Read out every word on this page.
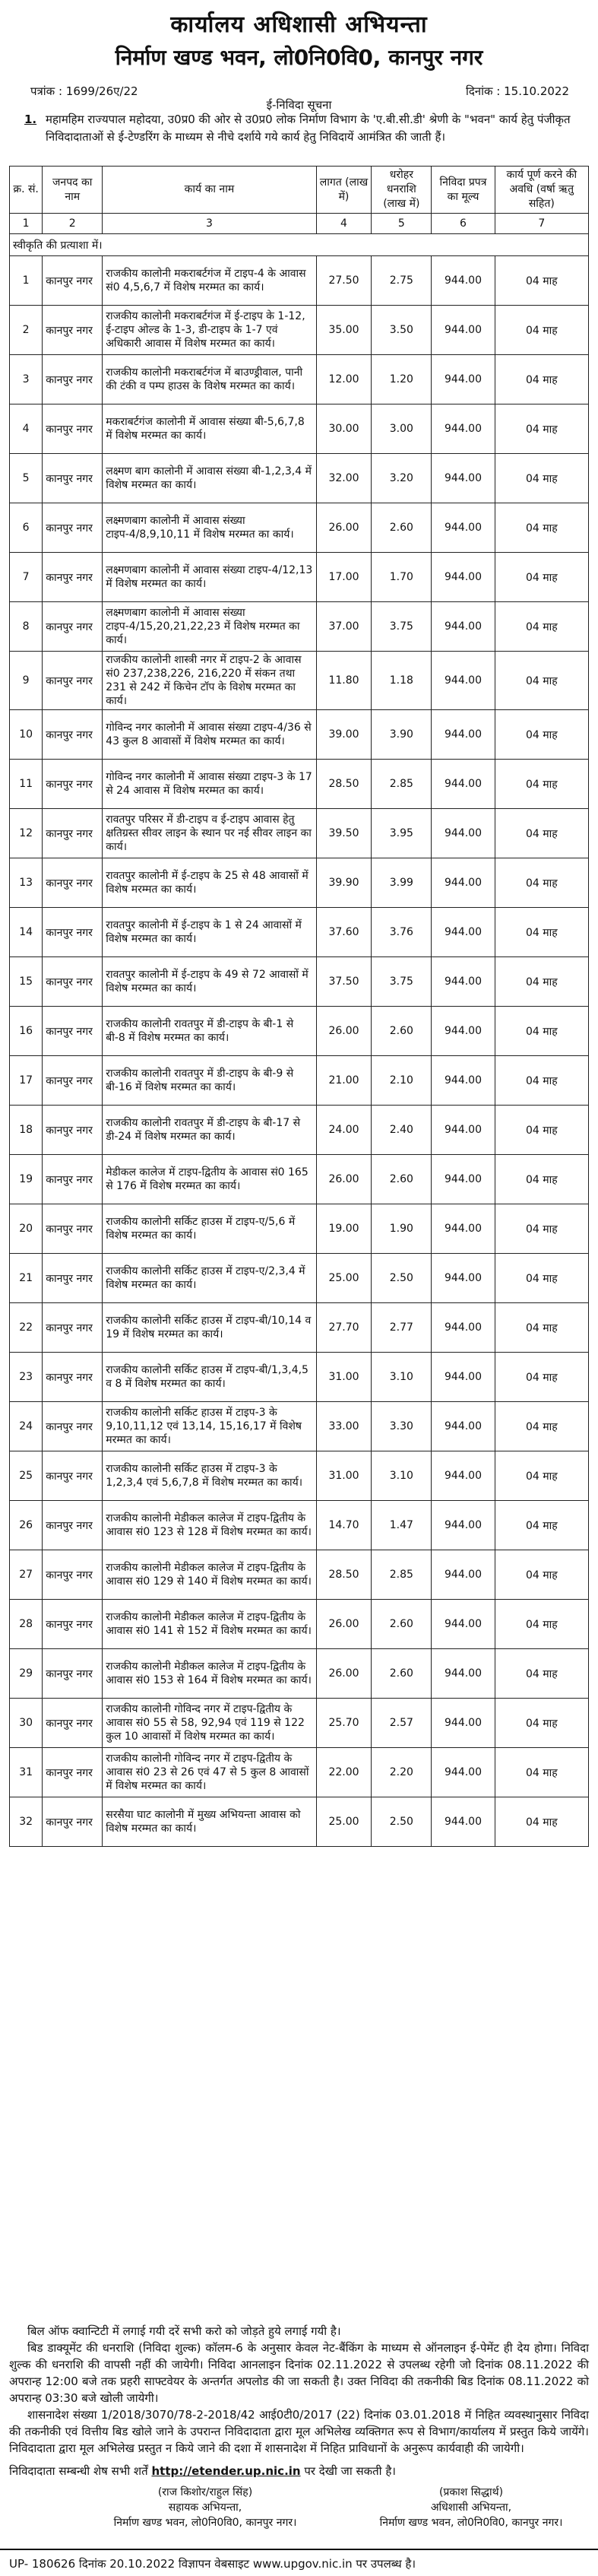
कार्यालय अधिशासी अभियन्ता
निर्माण खण्ड भवन, लो0नि0वि0, कानपुर नगर
पत्रांक : 1699/26ए/22
ई-निविदा सूचना
दिनांक : 15.10.2022
1. महामहिम राज्यपाल महोदया, उ0प्र0 की ओर से उ0प्र0 लोक निर्माण विभाग के 'ए.बी.सी.डी' श्रेणी के "भवन" कार्य हेतु पंजीकृत निविदादाताओं से ई-टेण्डरिंग के माध्यम से नीचे दर्शाये गये कार्य हेतु निविदायें आमंत्रित की जाती हैं।
क्र. सं.	जनपद का नाम	कार्य का नाम	लागत (लाख में)	धरोहर धनराशि (लाख में)	निविदा प्रपत्र का मूल्य	कार्य पूर्ण करने की अवधि (वर्षा ऋतु सहित)
1	2	3	4	5	6	7
स्वीकृति की प्रत्याशा में।						
1	कानपुर नगर	राजकीय कालोनी मकराबर्टगंज में टाइप-4 के आवास सं0 4,5,6,7 में विशेष मरम्मत का कार्य।	27.50	2.75	944.00	04 माह
2	कानपुर नगर	राजकीय कालोनी मकराबर्टगंज में ई-टाइप के 1-12, ई-टाइप ओल्ड के 1-3, डी-टाइप के 1-7 एवं अधिकारी आवास में विशेष मरम्मत का कार्य।	35.00	3.50	944.00	04 माह
3	कानपुर नगर	राजकीय कालोनी मकराबर्टगंज में बाउण्ड्रीवाल, पानी की टंकी व पम्प हाउस के विशेष मरम्मत का कार्य।	12.00	1.20	944.00	04 माह
4	कानपुर नगर	मकराबर्टगंज कालोनी में आवास संख्या बी-5,6,7,8 में विशेष मरम्मत का कार्य।	30.00	3.00	944.00	04 माह
5	कानपुर नगर	लक्ष्मण बाग कालोनी में आवास संख्या बी-1,2,3,4 में विशेष मरम्मत का कार्य।	32.00	3.20	944.00	04 माह
6	कानपुर नगर	लक्ष्मणबाग कालोनी में आवास संख्या टाइप-4/8,9,10,11 में विशेष मरम्मत का कार्य।	26.00	2.60	944.00	04 माह
7	कानपुर नगर	लक्ष्मणबाग कालोनी में आवास संख्या टाइप-4/12,13 में विशेष मरम्मत का कार्य।	17.00	1.70	944.00	04 माह
8	कानपुर नगर	लक्ष्मणबाग कालोनी में आवास संख्या टाइप-4/15,20,21,22,23 में विशेष मरम्मत का कार्य।	37.00	3.75	944.00	04 माह
9	कानपुर नगर	राजकीय कालोनी शास्त्री नगर में टाइप-2 के आवास सं0 237,238,226, 216,220 में संकन तथा 231 से 242 में किचेन टॉप के विशेष मरम्मत का कार्य।	11.80	1.18	944.00	04 माह
10	कानपुर नगर	गोविन्द नगर कालोनी में आवास संख्या टाइप-4/36 से 43 कुल 8 आवासों में विशेष मरम्मत का कार्य।	39.00	3.90	944.00	04 माह
11	कानपुर नगर	गोविन्द नगर कालोनी में आवास संख्या टाइप-3 के 17 से 24 आवास में विशेष मरम्मत का कार्य।	28.50	2.85	944.00	04 माह
12	कानपुर नगर	रावतपुर परिसर में डी-टाइप व ई-टाइप आवास हेतु क्षतिग्रस्त सीवर लाइन के स्थान पर नई सीवर लाइन का कार्य।	39.50	3.95	944.00	04 माह
13	कानपुर नगर	रावतपुर कालोनी में ई-टाइप के 25 से 48 आवासों में विशेष मरम्मत का कार्य।	39.90	3.99	944.00	04 माह
14	कानपुर नगर	रावतपुर कालोनी में ई-टाइप के 1 से 24 आवासों में विशेष मरम्मत का कार्य।	37.60	3.76	944.00	04 माह
15	कानपुर नगर	रावतपुर कालोनी में ई-टाइप के 49 से 72 आवासों में विशेष मरम्मत का कार्य।	37.50	3.75	944.00	04 माह
16	कानपुर नगर	राजकीय कालोनी रावतपुर में डी-टाइप के बी-1 से बी-8 में विशेष मरम्मत का कार्य।	26.00	2.60	944.00	04 माह
17	कानपुर नगर	राजकीय कालोनी रावतपुर में डी-टाइप के बी-9 से बी-16 में विशेष मरम्मत का कार्य।	21.00	2.10	944.00	04 माह
18	कानपुर नगर	राजकीय कालोनी रावतपुर में डी-टाइप के बी-17 से डी-24 में विशेष मरम्मत का कार्य।	24.00	2.40	944.00	04 माह
19	कानपुर नगर	मेडीकल कालेज में टाइप-द्वितीय के आवास सं0 165 से 176 में विशेष मरम्मत का कार्य।	26.00	2.60	944.00	04 माह
20	कानपुर नगर	राजकीय कालोनी सर्किट हाउस में टाइप-ए/5,6 में विशेष मरम्मत का कार्य।	19.00	1.90	944.00	04 माह
21	कानपुर नगर	राजकीय कालोनी सर्किट हाउस में टाइप-ए/2,3,4 में विशेष मरम्मत का कार्य।	25.00	2.50	944.00	04 माह
22	कानपुर नगर	राजकीय कालोनी सर्किट हाउस में टाइप-बी/10,14 व 19 में विशेष मरम्मत का कार्य।	27.70	2.77	944.00	04 माह
23	कानपुर नगर	राजकीय कालोनी सर्किट हाउस में टाइप-बी/1,3,4,5 व 8 में विशेष मरम्मत का कार्य।	31.00	3.10	944.00	04 माह
24	कानपुर नगर	राजकीय कालोनी सर्किट हाउस में टाइप-3 के 9,10,11,12 एवं 13,14, 15,16,17 में विशेष मरम्मत का कार्य।	33.00	3.30	944.00	04 माह
25	कानपुर नगर	राजकीय कालोनी सर्किट हाउस में टाइप-3 के 1,2,3,4 एवं 5,6,7,8 में विशेष मरम्मत का कार्य।	31.00	3.10	944.00	04 माह
26	कानपुर नगर	राजकीय कालोनी मेडीकल कालेज में टाइप-द्वितीय के आवास सं0 123 से 128 में विशेष मरम्मत का कार्य।	14.70	1.47	944.00	04 माह
27	कानपुर नगर	राजकीय कालोनी मेडीकल कालेज में टाइप-द्वितीय के आवास सं0 129 से 140 में विशेष मरम्मत का कार्य।	28.50	2.85	944.00	04 माह
28	कानपुर नगर	राजकीय कालोनी मेडीकल कालेज में टाइप-द्वितीय के आवास सं0 141 से 152 में विशेष मरम्मत का कार्य।	26.00	2.60	944.00	04 माह
29	कानपुर नगर	राजकीय कालोनी मेडीकल कालेज में टाइप-द्वितीय के आवास सं0 153 से 164 में विशेष मरम्मत का कार्य।	26.00	2.60	944.00	04 माह
30	कानपुर नगर	राजकीय कालोनी गोविन्द नगर में टाइप-द्वितीय के आवास सं0 55 से 58, 92,94 एवं 119 से 122 कुल 10 आवासों में विशेष मरम्मत का कार्य।	25.70	2.57	944.00	04 माह
31	कानपुर नगर	राजकीय कालोनी गोविन्द नगर में टाइप-द्वितीय के आवास सं0 23 से 26 एवं 47 से 5 कुल 8 आवासों में विशेष मरम्मत का कार्य।	22.00	2.20	944.00	04 माह
32	कानपुर नगर	सरसैया घाट कालोनी में मुख्य अभियन्ता आवास को विशेष मरम्मत का कार्य।	25.00	2.50	944.00	04 माह

बिल ऑफ क्वान्टिटी में लगाई गयी दरें सभी करो को जोड़ते हुये लगाई गयी है।

बिड डाक्यूमेंट की धनराशि (निविदा शुल्क) कॉलम-6 के अनुसार केवल नेट-बैंकिंग के माध्यम से ऑनलाइन ई-पेमेंट ही देय होगा। निविदा शुल्क की धनराशि की वापसी नहीं की जायेगी। निविदा आनलाइन दिनांक 02.11.2022 से उपलब्ध रहेगी जो दिनांक 08.11.2022 की अपरान्ह 12:00 बजे तक प्रहरी साफ्टवेयर के अन्तर्गत अपलोड की जा सकती है। उक्त निविदा की तकनीकी बिड दिनांक 08.11.2022 को अपरान्ह 03:30 बजे खोली जायेगी।

शासनादेश संख्या 1/2018/3070/78-2-2018/42 आई0टी0/2017 (22) दिनांक 03.01.2018 में निहित व्यवस्थानुसार निविदा की तकनीकी एवं वित्तीय बिड खोले जाने के उपरान्त निविदादाता द्वारा मूल अभिलेख व्यक्तिगत रूप से विभाग/कार्यालय में प्रस्तुत किये जायेंगे। निविदादाता द्वारा मूल अभिलेख प्रस्तुत न किये जाने की दशा में शासनादेश में निहित प्राविधानों के अनुरूप कार्यवाही की जायेगी।

निविदादाता सम्बन्धी शेष सभी शर्तें http://etender.up.nic.in पर देखी जा सकती है।
(राज किशोर/राहुल सिंह)
सहायक अभियन्ता,
निर्माण खण्ड भवन, लो0नि0वि0, कानपुर नगर।
(प्रकाश सिद्धार्थ)
अधिशासी अभियन्ता,
निर्माण खण्ड भवन, लो0नि0वि0, कानपुर नगर।
UP- 180626 दिनांक 20.10.2022 विज्ञापन वेबसाइट www.upgov.nic.in पर उपलब्ध है।
